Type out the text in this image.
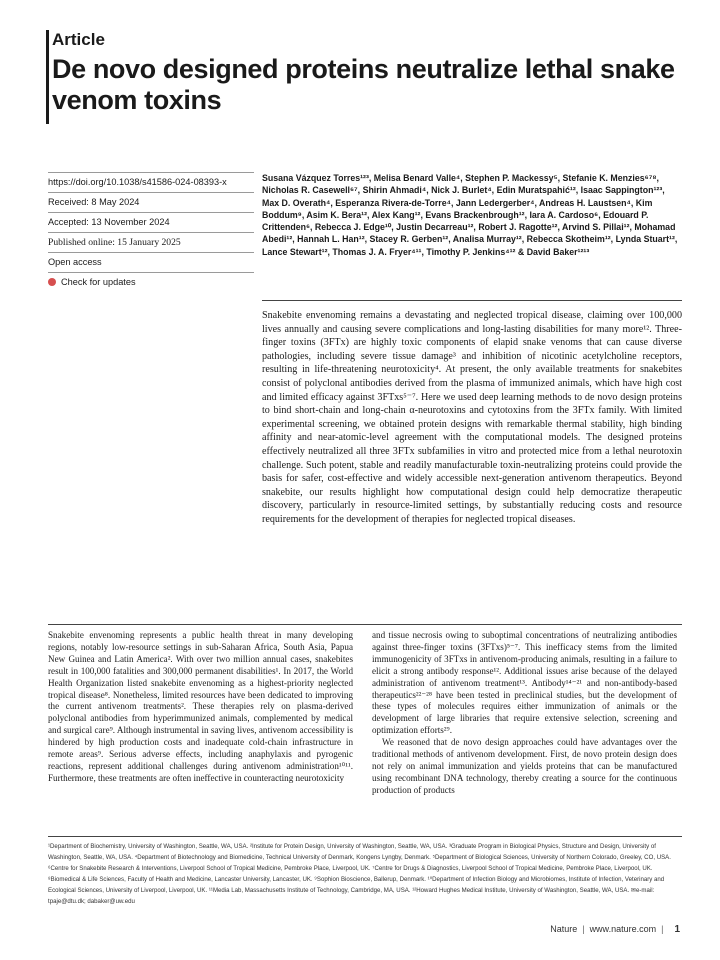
Article
De novo designed proteins neutralize lethal snake venom toxins
https://doi.org/10.1038/s41586-024-08393-x
Received: 8 May 2024
Accepted: 13 November 2024
Published online: 15 January 2025
Open access
Check for updates
Susana Vázquez Torres¹²³, Melisa Benard Valle⁴, Stephen P. Mackessy⁵, Stefanie K. Menzies⁶⁷⁸, Nicholas R. Casewell⁶⁷, Shirin Ahmadi⁴, Nick J. Burlet⁴, Edin Muratspahić¹², Isaac Sappington¹²³, Max D. Overath⁴, Esperanza Rivera-de-Torre⁴, Jann Ledergerber⁴, Andreas H. Laustsen⁴, Kim Boddum⁹, Asim K. Bera¹², Alex Kang¹², Evans Brackenbrough¹², Iara A. Cardoso⁶, Edouard P. Crittenden⁶, Rebecca J. Edge¹⁰, Justin Decarreau¹², Robert J. Ragotte¹², Arvind S. Pillai¹², Mohamad Abedi¹², Hannah L. Han¹², Stacey R. Gerben¹², Analisa Murray¹², Rebecca Skotheim¹², Lynda Stuart¹², Lance Stewart¹², Thomas J. A. Fryer⁴¹¹, Timothy P. Jenkins⁴¹² & David Baker¹²¹³
Snakebite envenoming remains a devastating and neglected tropical disease, claiming over 100,000 lives annually and causing severe complications and long-lasting disabilities for many more¹². Three-finger toxins (3FTx) are highly toxic components of elapid snake venoms that can cause diverse pathologies, including severe tissue damage³ and inhibition of nicotinic acetylcholine receptors, resulting in life-threatening neurotoxicity⁴. At present, the only available treatments for snakebites consist of polyclonal antibodies derived from the plasma of immunized animals, which have high cost and limited efficacy against 3FTxs⁵⁻⁷. Here we used deep learning methods to de novo design proteins to bind short-chain and long-chain α-neurotoxins and cytotoxins from the 3FTx family. With limited experimental screening, we obtained protein designs with remarkable thermal stability, high binding affinity and near-atomic-level agreement with the computational models. The designed proteins effectively neutralized all three 3FTx subfamilies in vitro and protected mice from a lethal neurotoxin challenge. Such potent, stable and readily manufacturable toxin-neutralizing proteins could provide the basis for safer, cost-effective and widely accessible next-generation antivenom therapeutics. Beyond snakebite, our results highlight how computational design could help democratize therapeutic discovery, particularly in resource-limited settings, by substantially reducing costs and resource requirements for the development of therapies for neglected tropical diseases.

Snakebite envenoming represents a public health threat in many developing regions, notably low-resource settings in sub-Saharan Africa, South Asia, Papua New Guinea and Latin America². With over two million annual cases, snakebites result in 100,000 fatalities and 300,000 permanent disabilities¹. In 2017, the World Health Organization listed snakebite envenoming as a highest-priority neglected tropical disease⁸. Nonetheless, limited resources have been dedicated to improving the current antivenom treatments². These therapies rely on plasma-derived polyclonal antibodies from hyperimmunized animals, complemented by medical and surgical care⁹. Although instrumental in saving lives, antivenom accessibility is hindered by high production costs and inadequate cold-chain infrastructure in remote areas⁹. Serious adverse effects, including anaphylaxis and pyrogenic reactions, represent additional challenges during antivenom administration¹⁰¹¹. Furthermore, these treatments are often ineffective in counteracting neurotoxicity

and tissue necrosis owing to suboptimal concentrations of neutralizing antibodies against three-finger toxins (3FTxs)⁵⁻⁷. This inefficacy stems from the limited immunogenicity of 3FTxs in antivenom-producing animals, resulting in a failure to elicit a strong antibody response¹². Additional issues arise because of the delayed administration of antivenom treatment¹³. Antibody¹⁴⁻²¹ and non-antibody-based therapeutics²²⁻²⁸ have been tested in preclinical studies, but the development of these types of molecules requires either immunization of animals or the development of large libraries that require extensive selection, screening and optimization efforts²⁹.

We reasoned that de novo design approaches could have advantages over the traditional methods of antivenom development. First, de novo protein design does not rely on animal immunization and yields proteins that can be manufactured using recombinant DNA technology, thereby creating a source for the continuous production of products

¹Department of Biochemistry, University of Washington, Seattle, WA, USA. ²Institute for Protein Design, University of Washington, Seattle, WA, USA. ³Graduate Program in Biological Physics, Structure and Design, University of Washington, Seattle, WA, USA. ⁴Department of Biotechnology and Biomedicine, Technical University of Denmark, Kongens Lyngby, Denmark. ⁵Department of Biological Sciences, University of Northern Colorado, Greeley, CO, USA. ⁶Centre for Snakebite Research & Interventions, Liverpool School of Tropical Medicine, Pembroke Place, Liverpool, UK. ⁷Centre for Drugs & Diagnostics, Liverpool School of Tropical Medicine, Pembroke Place, Liverpool, UK. ⁸Biomedical & Life Sciences, Faculty of Health and Medicine, Lancaster University, Lancaster, UK. ⁹Sophion Bioscience, Ballerup, Denmark. ¹⁰Department of Infection Biology and Microbiomes, Institute of Infection, Veterinary and Ecological Sciences, University of Liverpool, Liverpool, UK. ¹¹Media Lab, Massachusetts Institute of Technology, Cambridge, MA, USA. ¹²Howard Hughes Medical Institute, University of Washington, Seattle, WA, USA. ✉e-mail: tpaje@dtu.dk; dabaker@uw.edu
Nature | www.nature.com | 1
